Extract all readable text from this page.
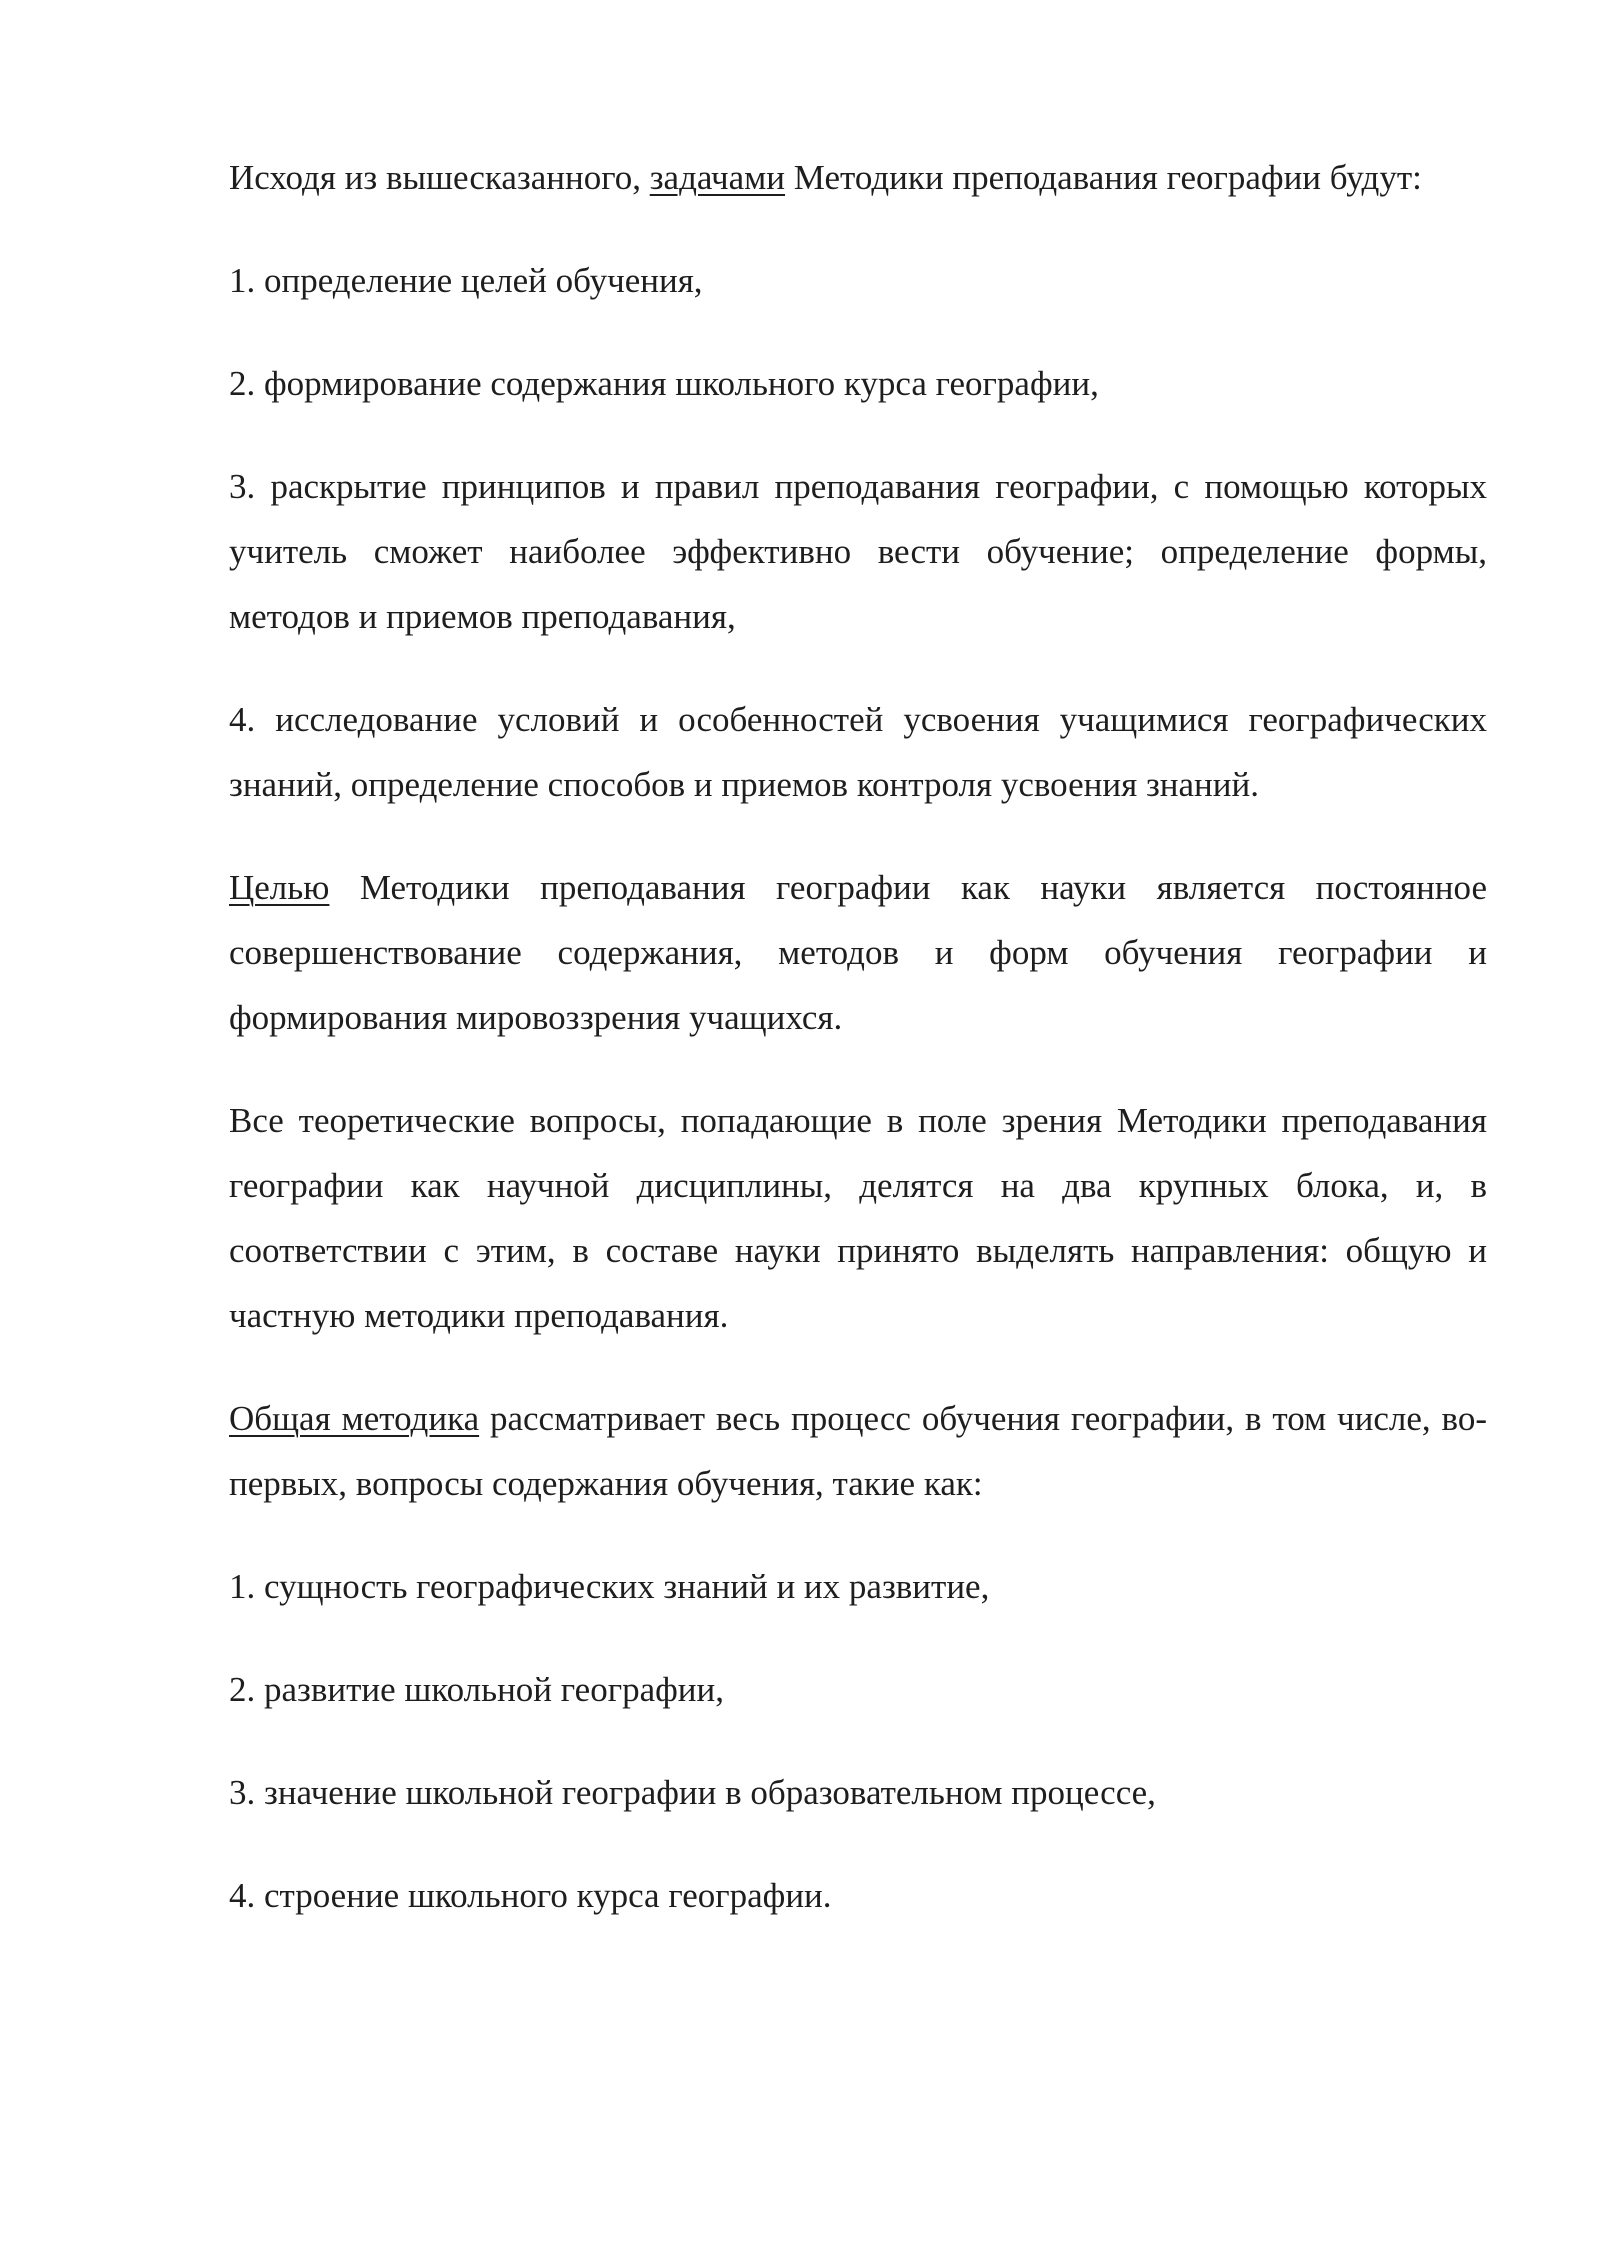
Исходя из вышесказанного, задачами Методики преподавания географии будут:

1. определение целей обучения,

2. формирование содержания школьного курса географии,

3. раскрытие принципов и правил преподавания географии, с помощью которых учитель сможет наиболее эффективно вести обучение; определение формы, методов и приемов преподавания,

4. исследование условий и особенностей усвоения учащимися географических знаний, определение способов и приемов контроля усвоения знаний.

Целью Методики преподавания географии как науки является постоянное совершенствование содержания, методов и форм обучения географии и формирования мировоззрения учащихся.

Все теоретические вопросы, попадающие в поле зрения Методики преподавания географии как научной дисциплины, делятся на два крупных блока, и, в соответствии с этим, в составе науки принято выделять направления: общую и частную методики преподавания.

Общая методика рассматривает весь процесс обучения географии, в том числе, во-первых, вопросы содержания обучения, такие как:

1. сущность географических знаний и их развитие,

2. развитие школьной географии,

3. значение школьной географии в образовательном процессе,

4. строение школьного курса географии.
